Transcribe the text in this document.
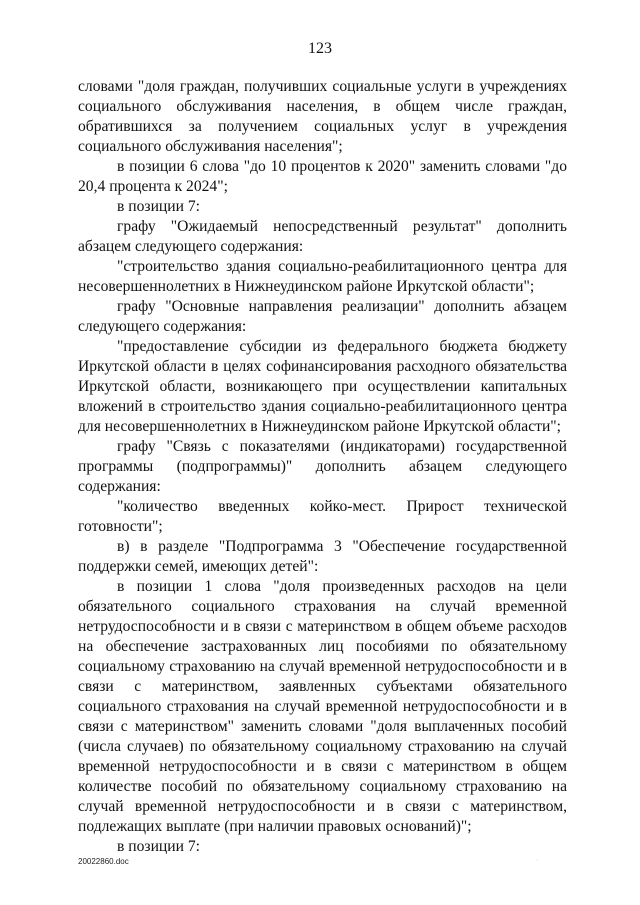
123

словами "доля граждан, получивших социальные услуги в учреждениях социального обслуживания населения, в общем числе граждан, обратившихся за получением социальных услуг в учреждения социального обслуживания населения";

в позиции 6 слова "до 10 процентов к 2020" заменить словами "до 20,4 процента к 2024";

в позиции 7:

графу "Ожидаемый непосредственный результат" дополнить абзацем следующего содержания:

"строительство здания социально-реабилитационного центра для несовершеннолетних в Нижнеудинском районе Иркутской области";

графу "Основные направления реализации" дополнить абзацем следующего содержания:

"предоставление субсидии из федерального бюджета бюджету Иркутской области в целях софинансирования расходного обязательства Иркутской области, возникающего при осуществлении капитальных вложений в строительство здания социально-реабилитационного центра для несовершеннолетних в Нижнеудинском районе Иркутской области";

графу "Связь с показателями (индикаторами) государственной программы (подпрограммы)" дополнить абзацем следующего содержания:

"количество введенных койко-мест. Прирост технической готовности";

в) в разделе "Подпрограмма 3 "Обеспечение государственной поддержки семей, имеющих детей":

в позиции 1 слова "доля произведенных расходов на цели обязательного социального страхования на случай временной нетрудоспособности и в связи с материнством в общем объеме расходов на обеспечение застрахованных лиц пособиями по обязательному социальному страхованию на случай временной нетрудоспособности и в связи с материнством, заявленных субъектами обязательного социального страхования на случай временной нетрудоспособности и в связи с материнством" заменить словами "доля выплаченных пособий (числа случаев) по обязательному социальному страхованию на случай временной нетрудоспособности и в связи с материнством в общем количестве пособий по обязательному социальному страхованию на случай временной нетрудоспособности и в связи с материнством, подлежащих выплате (при наличии правовых оснований)";

в позиции 7:

20022860.doc	·
